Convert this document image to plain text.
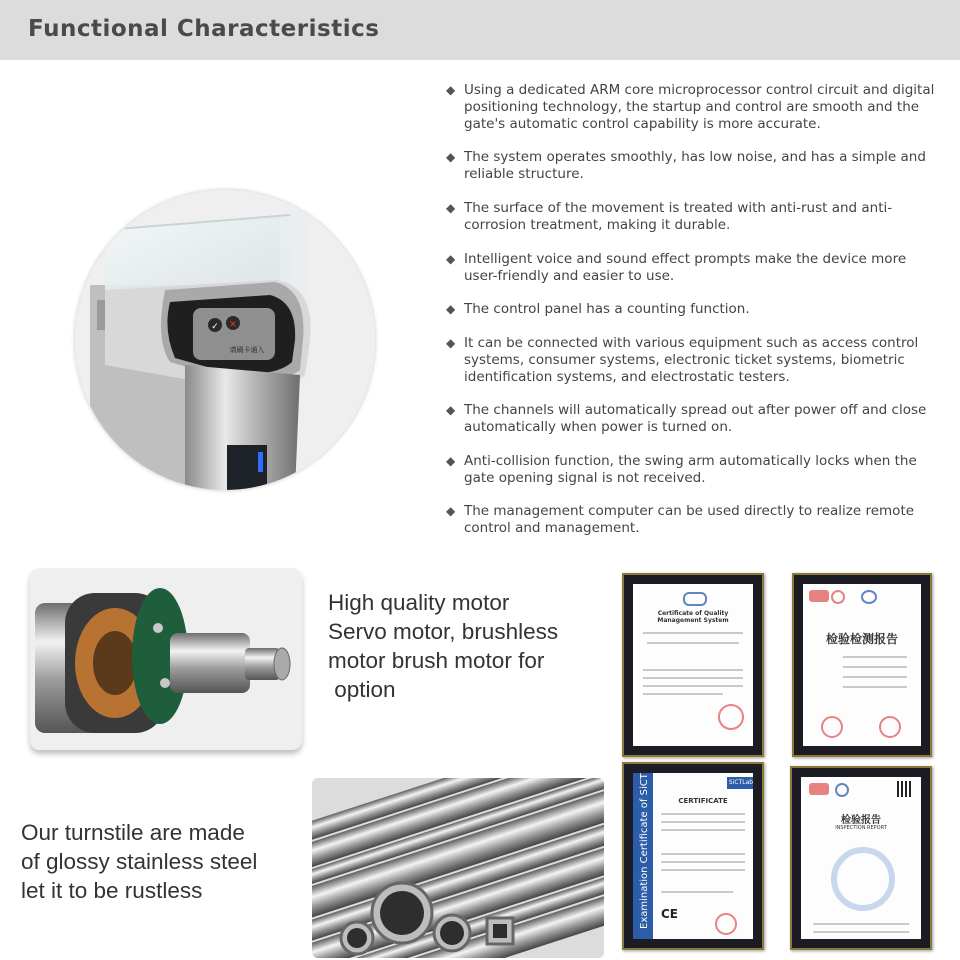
Functional Characteristics
✓ ✕
请刷卡通入
◆ Using a dedicated ARM core microprocessor control circuit and digital positioning technology, the startup and control are smooth and the gate's automatic control capability is more accurate.
◆ The system operates smoothly, has low noise, and has a simple and reliable structure.
◆ The surface of the movement is treated with anti-rust and anti-corrosion treatment, making it durable.
◆ Intelligent voice and sound effect prompts make the device more user-friendly and easier to use.
◆ The control panel has a counting function.
◆ It can be connected with various equipment such as access control systems, consumer systems, electronic ticket systems, biometric identification systems, and electrostatic testers.
◆ The channels will automatically spread out after power off and close automatically when power is turned on.
◆ Anti-collision function, the swing arm automatically locks when the gate opening signal is not received.
◆ The management computer can be used directly to realize remote control and management.
High quality motor
Servo motor, brushless
motor brush motor for
option
Our turnstile are made
of glossy stainless steel
let it to be rustless
Certificate of Quality Management System
检验检测报告
Examination Certificate of SiCT	SiCTLab
CERTIFICATE
CE
检验报告
INSPECTION REPORT
